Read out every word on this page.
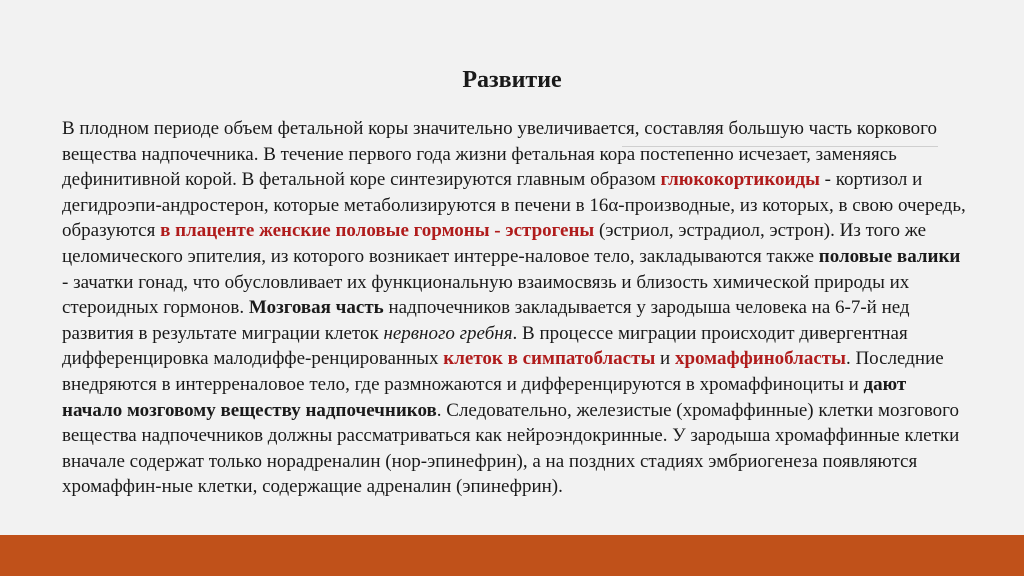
Развитие

В плодном периоде объем фетальной коры значительно увеличивается, составляя большую часть коркового вещества надпочечника. В течение первого года жизни фетальная кора постепенно исчезает, заменяясь дефинитивной корой. В фетальной коре синтезируются главным образом глюкокортикоиды - кортизол и дегидроэпи-андростерон, которые метаболизируются в печени в 16α-производные, из которых, в свою очередь, образуются в плаценте женские половые гормоны - эстрогены (эстриол, эстрадиол, эстрон). Из того же целомического эпителия, из которого возникает интерре-наловое тело, закладываются также половые валики - зачатки гонад, что обусловливает их функциональную взаимосвязь и близость химической природы их стероидных гормонов. Мозговая часть надпочечников закладывается у зародыша человека на 6-7-й нед развития в результате миграции клеток нервного гребня. В процессе миграции происходит дивергентная дифференцировка малодиффе-ренцированных клеток в симпатобласты и хромаффинобласты. Последние внедряются в интерреналовое тело, где размножаются и дифференцируются в хромаффиноциты и дают начало мозговому веществу надпочечников. Следовательно, железистые (хромаффинные) клетки мозгового вещества надпочечников должны рассматриваться как нейроэндокринные. У зародыша хромаффинные клетки вначале содержат только норадреналин (нор-эпинефрин), а на поздних стадиях эмбриогенеза появляются хромаффин-ные клетки, содержащие адреналин (эпинефрин).
